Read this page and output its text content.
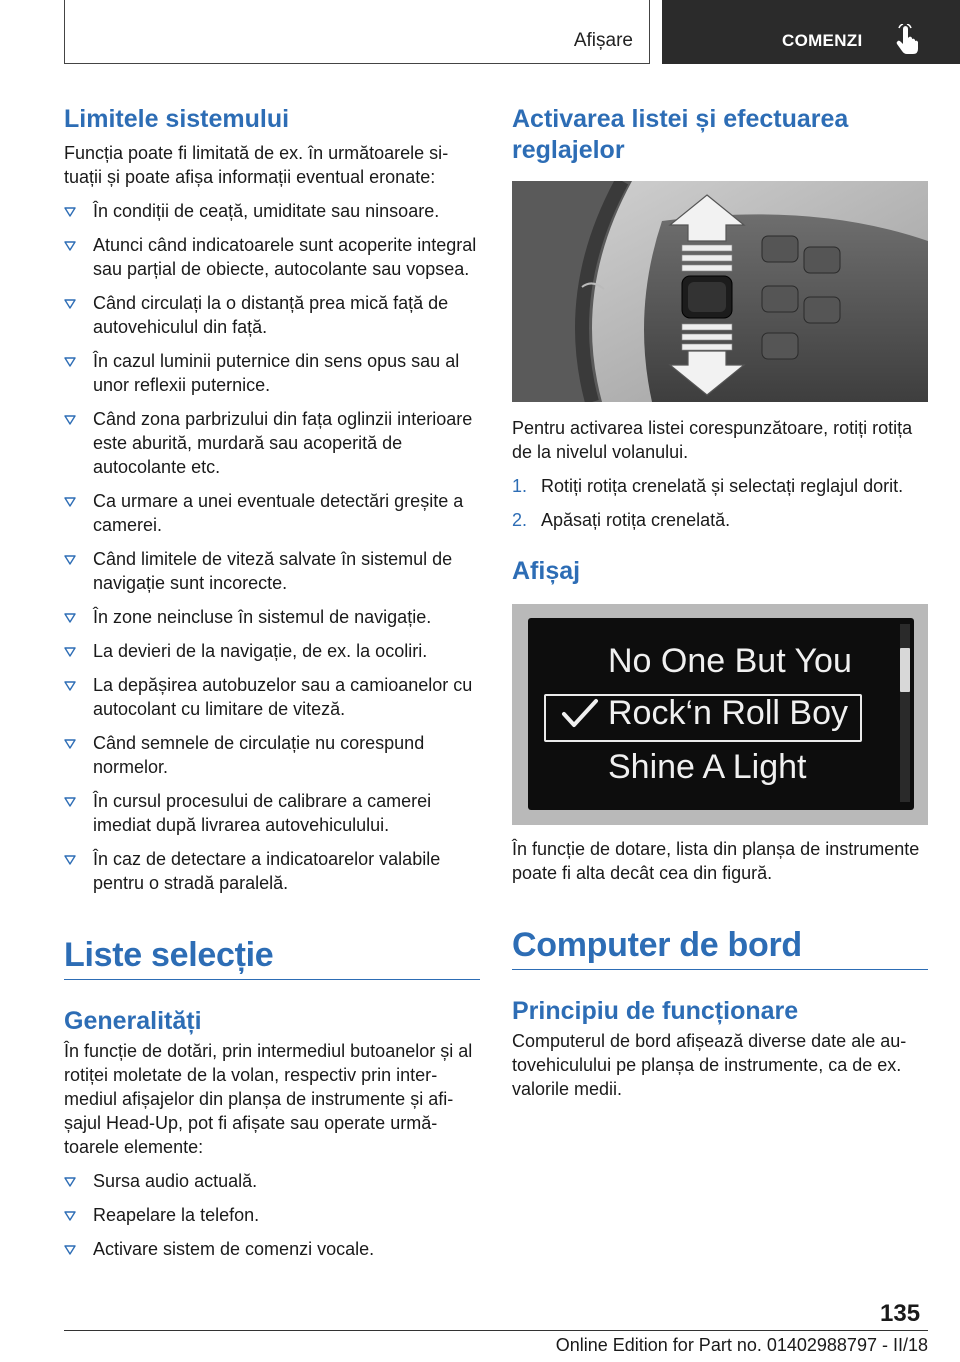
Afișare	COMENZI
Limitele sistemului
Funcția poate fi limitată de ex. în următoarele situații și poate afișa informații eventual eronate:
În condiții de ceață, umiditate sau ninsoare.
Atunci când indicatoarele sunt acoperite integral sau parțial de obiecte, autocolante sau vopsea.
Când circulați la o distanță prea mică față de autovehiculul din față.
În cazul luminii puternice din sens opus sau al unor reflexii puternice.
Când zona parbrizului din fața oglinzii interioare este aburită, murdară sau acoperită de autocolante etc.
Ca urmare a unei eventuale detectări greșite a camerei.
Când limitele de viteză salvate în sistemul de navigație sunt incorecte.
În zone neincluse în sistemul de navigație.
La devieri de la navigație, de ex. la ocoliri.
La depășirea autobuzelor sau a camioanelor cu autocolant cu limitare de viteză.
Când semnele de circulație nu corespund normelor.
În cursul procesului de calibrare a camerei imediat după livrarea autovehiculului.
În caz de detectare a indicatoarelor valabile pentru o stradă paralelă.
Liste selecție
Generalități
În funcție de dotări, prin intermediul butoanelor și al rotiței moletate de la volan, respectiv prin intermediul afișajelor din planșa de instrumente și afișajul Head-Up, pot fi afișate sau operate următoarele elemente:
Sursa audio actuală.
Reapelare la telefon.
Activare sistem de comenzi vocale.
Activarea listei și efectuarea reglajelor
Pentru activarea listei corespunzătoare, rotiți rotița de la nivelul volanului.
1. Rotiți rotița crenelată și selectați reglajul dorit.
2. Apăsați rotița crenelată.
Afișaj
No One But You
Rock‘n Roll Boy
Shine A Light
În funcție de dotare, lista din planșa de instrumente poate fi alta decât cea din figură.
Computer de bord
Principiu de funcționare
Computerul de bord afișează diverse date ale autovehiculului pe planșa de instrumente, ca de ex. valorile medii.
135
Online Edition for Part no. 01402988797 - II/18
